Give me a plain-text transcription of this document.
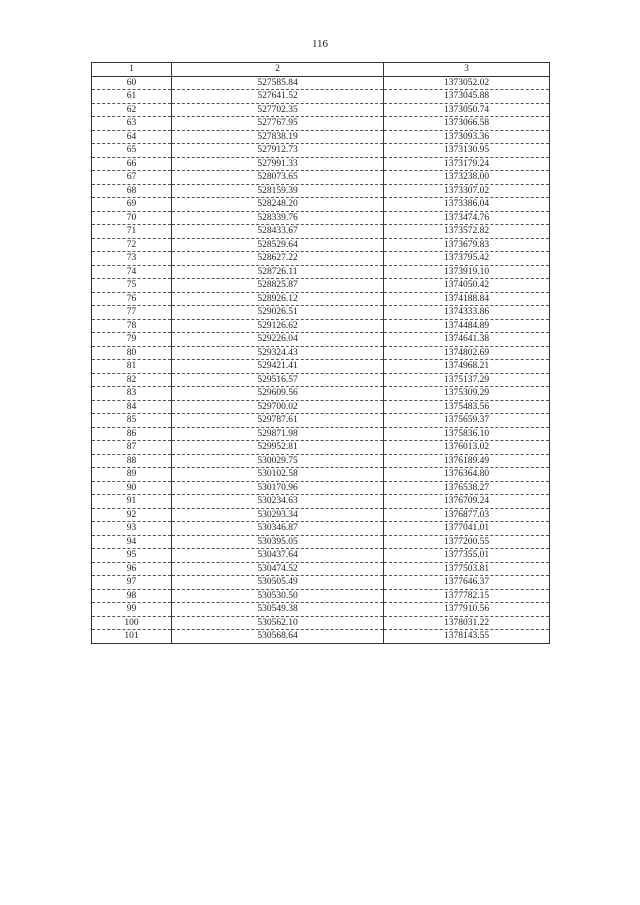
116
1	2	3
60	527585.84	1373052.02
61	527641.52	1373045.88
62	527702.35	1373050.74
63	527767.95	1373066.58
64	527838.19	1373093.36
65	527912.73	1373130.95
66	527991.33	1373179.24
67	528073.65	1373238.00
68	528159.39	1373307.02
69	528248.20	1373386.04
70	528339.76	1373474.76
71	528433.67	1373572.82
72	528529.64	1373679.83
73	528627.22	1373795.42
74	528726.11	1373919.10
75	528825.87	1374050.42
76	528926.12	1374188.84
77	529026.51	1374333.86
78	529126.62	1374484.89
79	529226.04	1374641.38
80	529324.43	1374802.69
81	529421.41	1374968.21
82	529516.57	1375137.29
83	529609.56	1375309.29
84	529700.02	1375483.56
85	529787.61	1375659.37
86	529871.98	1375836.10
87	529952.81	1376013.02
88	530029.75	1376189.49
89	530102.58	1376364.80
90	530170.96	1376538.27
91	530234.63	1376709.24
92	530293.34	1376877.03
93	530346.87	1377041.01
94	530395.05	1377200.55
95	530437.64	1377355.01
96	530474.52	1377503.81
97	530505.49	1377646.37
98	530530.50	1377782.15
99	530549.38	1377910.56
100	530562.10	1378031.22
101	530568.64	1378143.55
